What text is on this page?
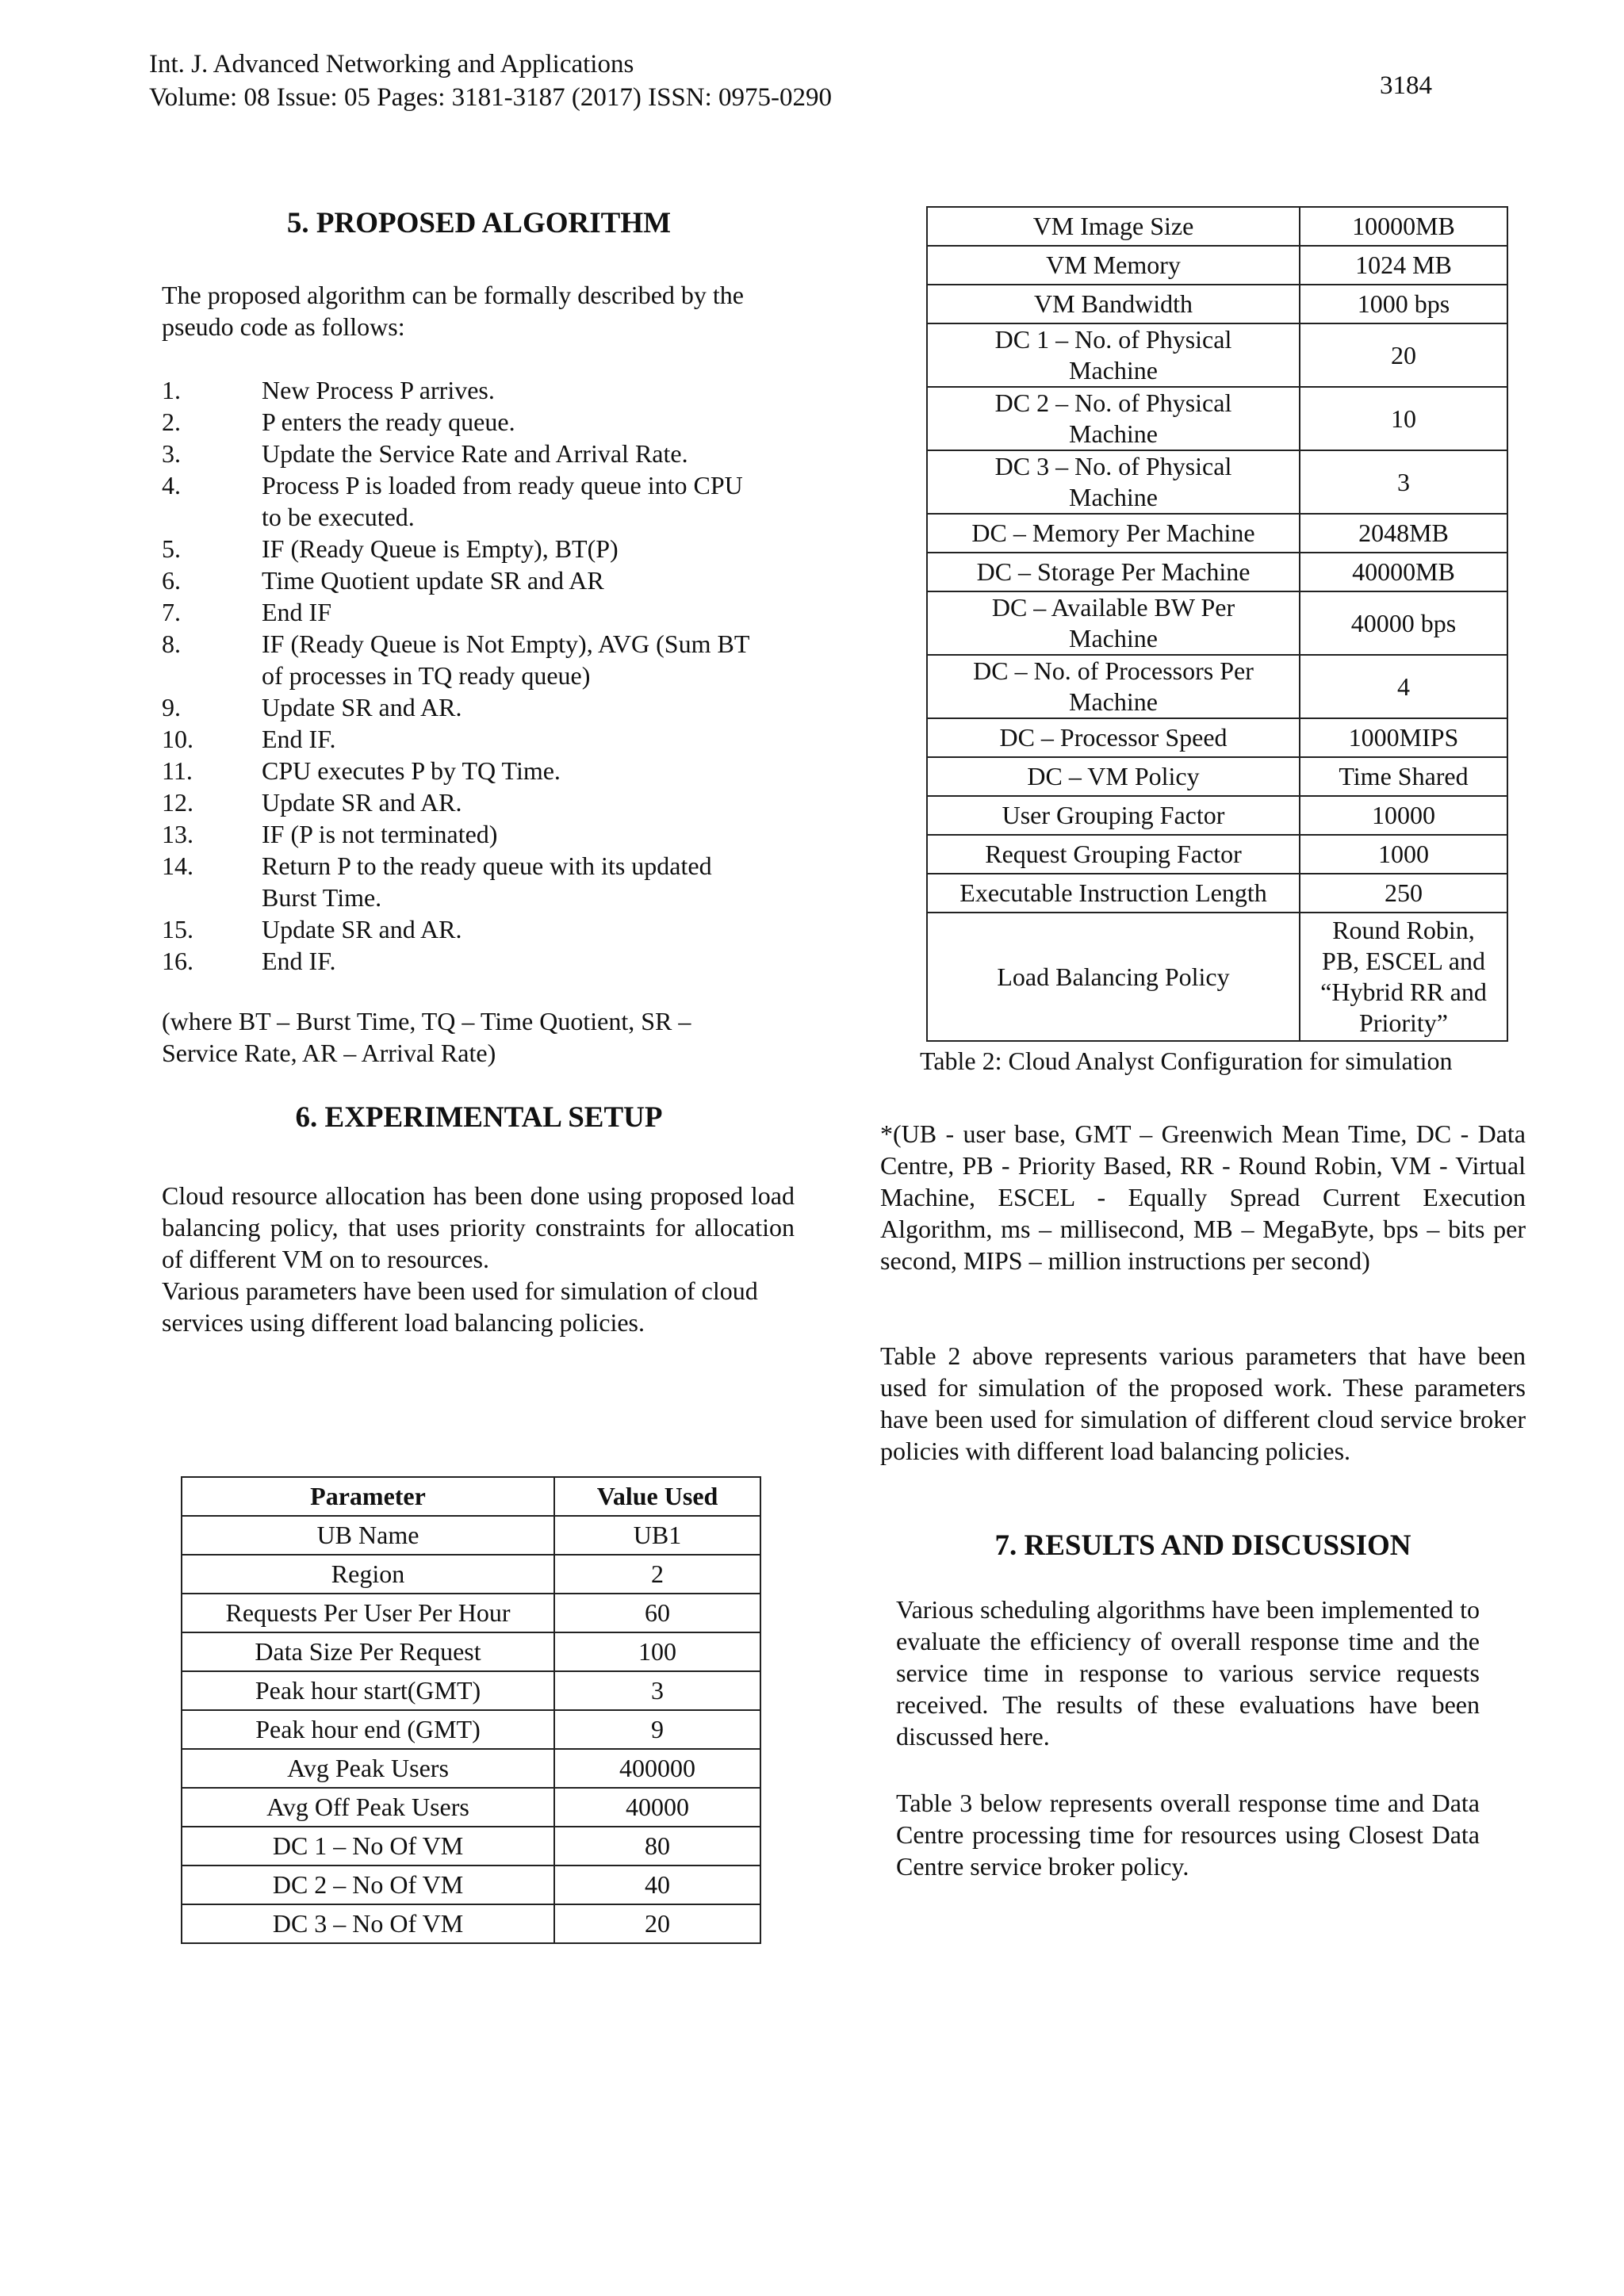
Int. J. Advanced Networking and Applications
Volume: 08 Issue: 05 Pages: 3181-3187 (2017) ISSN: 0975-0290	3184
5. PROPOSED ALGORITHM
The proposed algorithm can be formally described by the pseudo code as follows:
1.	New Process P arrives.
2.	P enters the ready queue.
3.	Update the Service Rate and Arrival Rate.
4.	Process P is loaded from ready queue into CPU to be executed.
5.	IF (Ready Queue is Empty), BT(P)
6.	Time Quotient update SR and AR
7.	End IF
8.	IF (Ready Queue is Not Empty), AVG (Sum BT of processes in TQ ready queue)
9.	Update SR and AR.
10.	End IF.
11.	CPU executes P by TQ Time.
12.	Update SR and AR.
13.	IF (P is not terminated)
14.	Return P to the ready queue with its updated Burst Time.
15.	Update SR and AR.
16.	End IF.
(where BT – Burst Time, TQ – Time Quotient, SR – Service Rate, AR – Arrival Rate)
6. EXPERIMENTAL SETUP
Cloud resource allocation has been done using proposed load balancing policy, that uses priority constraints for allocation of different VM on to resources.
Various parameters have been used for simulation of cloud services using different load balancing policies.
Parameter	Value Used
UB Name	UB1
Region	2
Requests Per User Per Hour	60
Data Size Per Request	100
Peak hour start(GMT)	3
Peak hour end (GMT)	9
Avg Peak Users	400000
Avg Off Peak Users	40000
DC 1 – No Of VM	80
DC 2 – No Of VM	40
DC 3 – No Of VM	20
VM Image Size	10000MB
VM Memory	1024 MB
VM Bandwidth	1000 bps
DC 1 – No. of Physical Machine	20
DC 2 – No. of Physical Machine	10
DC 3 – No. of Physical Machine	3
DC – Memory Per Machine	2048MB
DC – Storage Per Machine	40000MB
DC – Available BW Per Machine	40000 bps
DC – No. of Processors Per Machine	4
DC – Processor Speed	1000MIPS
DC – VM Policy	Time Shared
User Grouping Factor	10000
Request Grouping Factor	1000
Executable Instruction Length	250
Load Balancing Policy	Round Robin, PB, ESCEL and “Hybrid RR and Priority”
Table 2: Cloud Analyst Configuration for simulation
*(UB - user base, GMT – Greenwich Mean Time, DC - Data Centre, PB - Priority Based, RR - Round Robin, VM - Virtual Machine, ESCEL - Equally Spread Current Execution Algorithm, ms – millisecond, MB – MegaByte, bps – bits per second, MIPS – million instructions per second)
Table 2 above represents various parameters that have been used for simulation of the proposed work. These parameters have been used for simulation of different cloud service broker policies with different load balancing policies.
7. RESULTS AND DISCUSSION
Various scheduling algorithms have been implemented to evaluate the efficiency of overall response time and the service time in response to various service requests received. The results of these evaluations have been discussed here.
Table 3 below represents overall response time and Data Centre processing time for resources using Closest Data Centre service broker policy.
